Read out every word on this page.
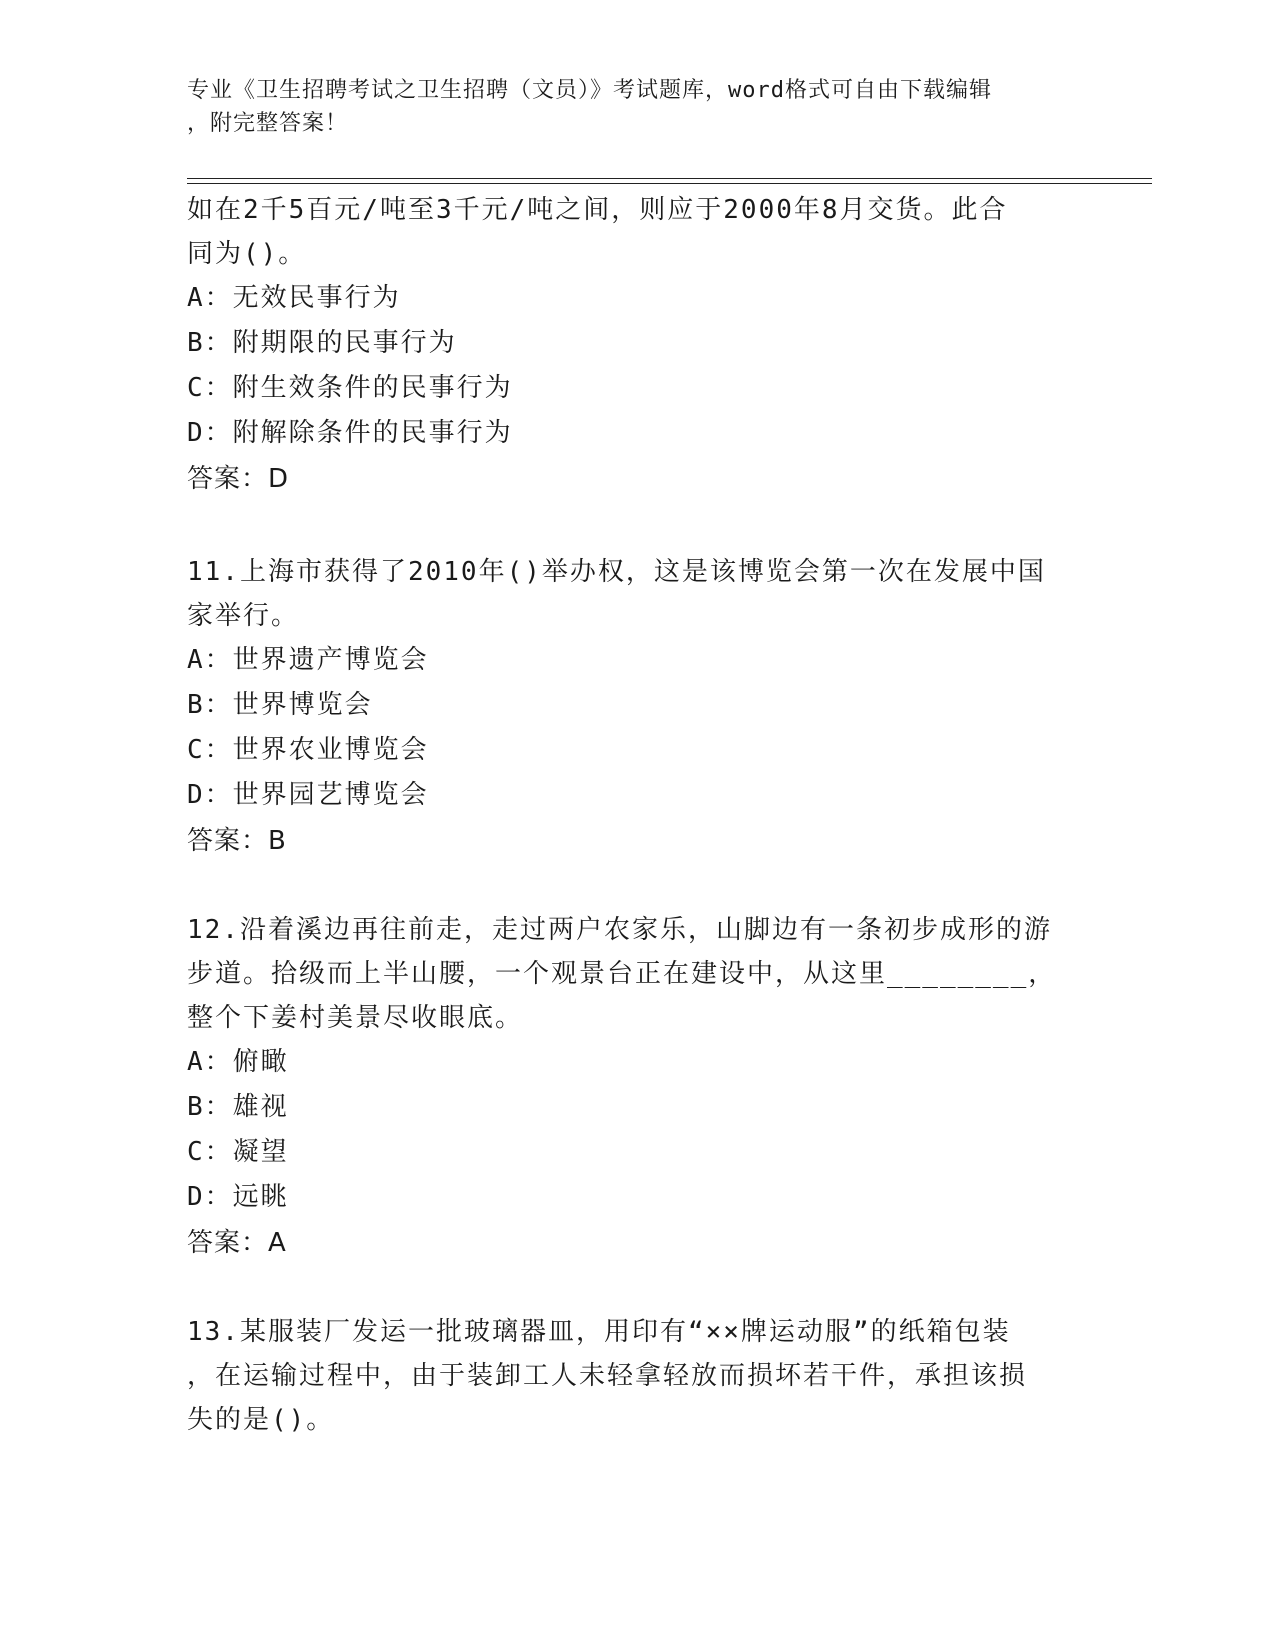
专业《卫生招聘考试之卫生招聘（文员）》考试题库，word格式可自由下载编辑
，附完整答案！
如在2千5百元/吨至3千元/吨之间，则应于2000年8月交货。此合
同为()。
A：无效民事行为
B：附期限的民事行为
C：附生效条件的民事行为
D：附解除条件的民事行为
答案：D
11.上海市获得了2010年()举办权，这是该博览会第一次在发展中国
家举行。
A：世界遗产博览会
B：世界博览会
C：世界农业博览会
D：世界园艺博览会
答案：B
12.沿着溪边再往前走，走过两户农家乐，山脚边有一条初步成形的游
步道。拾级而上半山腰，一个观景台正在建设中，从这里________，
整个下姜村美景尽收眼底。
A：俯瞰
B：雄视
C：凝望
D：远眺
答案：A
13.某服装厂发运一批玻璃器皿，用印有“××牌运动服”的纸箱包装
，在运输过程中，由于装卸工人未轻拿轻放而损坏若干件，承担该损
失的是()。
